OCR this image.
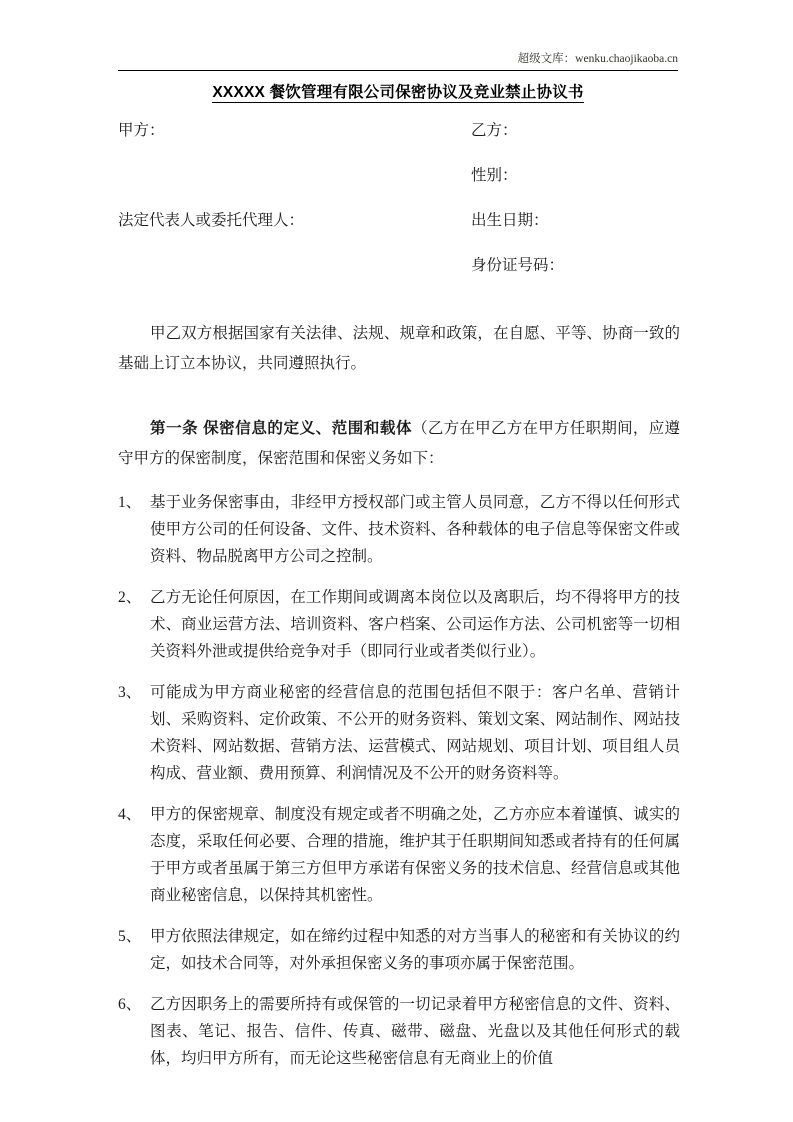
超级文库：wenku.chaojikaoba.cn
XXXXX 餐饮管理有限公司保密协议及竞业禁止协议书
甲方：
法定代表人或委托代理人：
乙方：
性别：
出生日期：
身份证号码：

甲乙双方根据国家有关法律、法规、规章和政策，在自愿、平等、协商一致的基础上订立本协议，共同遵照执行。

第一条 保密信息的定义、范围和载体（乙方在甲乙方在甲方任职期间，应遵守甲方的保密制度，保密范围和保密义务如下：

1、 基于业务保密事由，非经甲方授权部门或主管人员同意，乙方不得以任何形式使甲方公司的任何设备、文件、技术资料、各种载体的电子信息等保密文件或资料、物品脱离甲方公司之控制。
2、 乙方无论任何原因，在工作期间或调离本岗位以及离职后，均不得将甲方的技术、商业运营方法、培训资料、客户档案、公司运作方法、公司机密等一切相关资料外泄或提供给竞争对手（即同行业或者类似行业）。
3、 可能成为甲方商业秘密的经营信息的范围包括但不限于：客户名单、营销计划、采购资料、定价政策、不公开的财务资料、策划文案、网站制作、网站技术资料、网站数据、营销方法、运营模式、网站规划、项目计划、项目组人员构成、营业额、费用预算、利润情况及不公开的财务资料等。
4、 甲方的保密规章、制度没有规定或者不明确之处，乙方亦应本着谨慎、诚实的态度，采取任何必要、合理的措施，维护其于任职期间知悉或者持有的任何属于甲方或者虽属于第三方但甲方承诺有保密义务的技术信息、经营信息或其他商业秘密信息，以保持其机密性。
5、 甲方依照法律规定，如在缔约过程中知悉的对方当事人的秘密和有关协议的约定，如技术合同等，对外承担保密义务的事项亦属于保密范围。
6、 乙方因职务上的需要所持有或保管的一切记录着甲方秘密信息的文件、资料、图表、笔记、报告、信件、传真、磁带、磁盘、光盘以及其他任何形式的载体，均归甲方所有，而无论这些秘密信息有无商业上的价值
